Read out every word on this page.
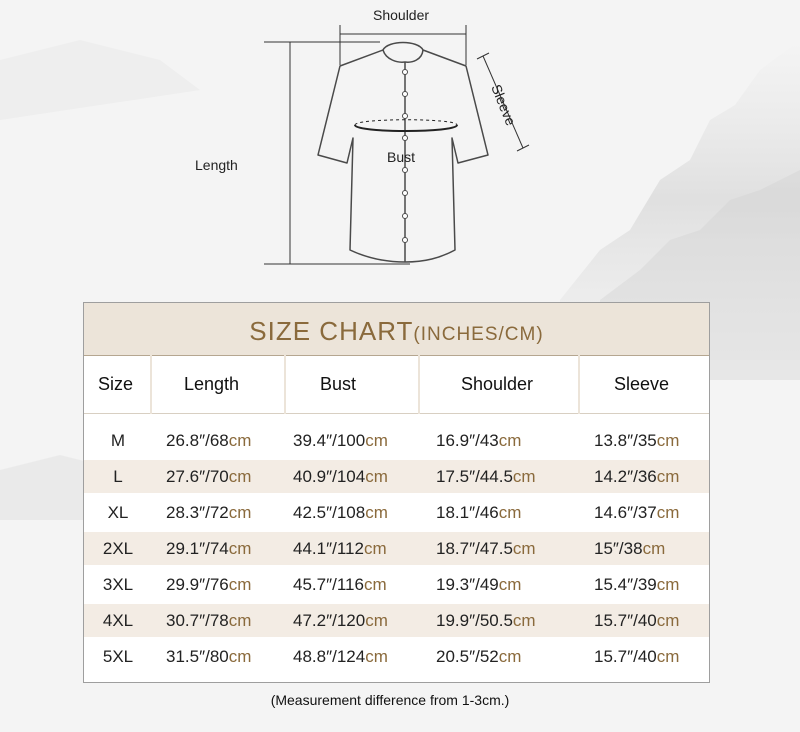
Shoulder
Length	Bust
Sleeve
SIZE CHART(INCHES/CM)
Size	Length	Bust	Shoulder	Sleeve
M	26.8″/68cm 39.4″/100cm	16.9″/43cm	13.8″/35cm
L	27.6″/70cm 40.9″/104cm	17.5″/44.5cm	14.2″/36cm
XL	28.3″/72cm 42.5″/108cm	18.1″/46cm	14.6″/37cm
2XL	29.1″/74cm 44.1″/112cm	18.7″/47.5cm	15″/38cm
3XL	29.9″/76cm 45.7″/116cm	19.3″/49cm	15.4″/39cm
4XL	30.7″/78cm 47.2″/120cm	19.9″/50.5cm	15.7″/40cm
5XL	31.5″/80cm 48.8″/124cm	20.5″/52cm	15.7″/40cm
(Measurement difference from 1-3cm.)
